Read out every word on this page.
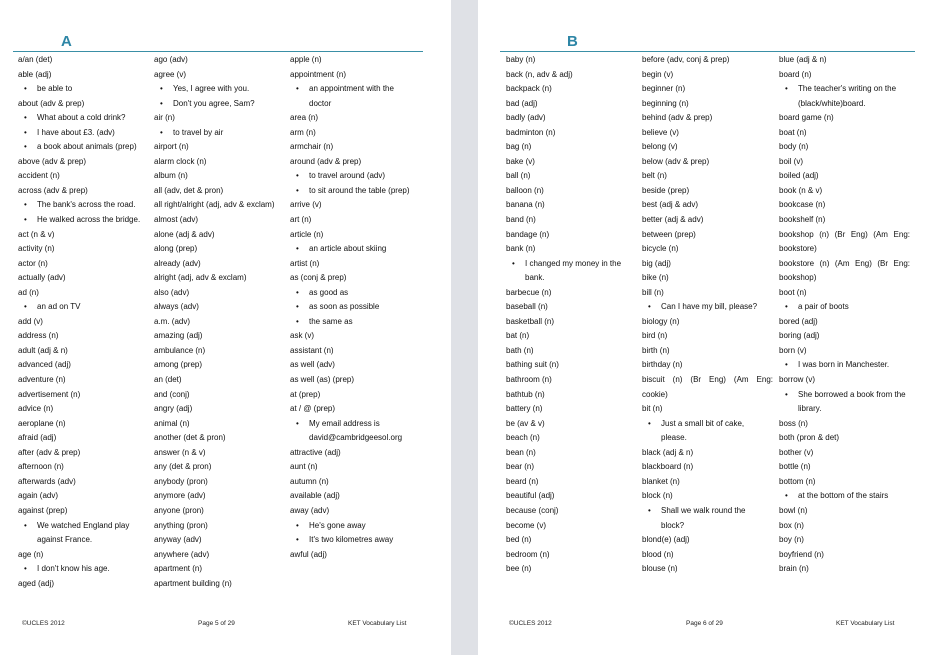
A
a/an (det)
able (adj)
• be able to
about (adv & prep)
• What about a cold drink?
• I have about £3. (adv)
• a book about animals (prep)
above (adv & prep)
accident (n)
across (adv & prep)
• The bank's across the road.
• He walked across the bridge.
act (n & v)
activity (n)
actor (n)
actually (adv)
ad (n)
• an ad on TV
add (v)
address (n)
adult (adj & n)
advanced (adj)
adventure (n)
advertisement (n)
advice (n)
aeroplane (n)
afraid (adj)
after (adv & prep)
afternoon (n)
afterwards (adv)
again (adv)
against (prep)
• We watched England play
against France.
age (n)
• I don't know his age.
aged (adj)
ago (adv)
agree (v)
• Yes, I agree with you.
• Don't you agree, Sam?
air (n)
• to travel by air
airport (n)
alarm clock (n)
album (n)
all (adv, det & pron)
all right/alright (adj, adv & exclam)
almost (adv)
alone (adj & adv)
along (prep)
already (adv)
alright (adj, adv & exclam)
also (adv)
always (adv)
a.m. (adv)
amazing (adj)
ambulance (n)
among (prep)
an (det)
and (conj)
angry (adj)
animal (n)
another (det & pron)
answer (n & v)
any (det & pron)
anybody (pron)
anymore (adv)
anyone (pron)
anything (pron)
anyway (adv)
anywhere (adv)
apartment (n)
apartment building (n)
apple (n)
appointment (n)
• an appointment with the
doctor
area (n)
arm (n)
armchair (n)
around (adv & prep)
• to travel around (adv)
• to sit around the table (prep)
arrive (v)
art (n)
article (n)
• an article about skiing
artist (n)
as (conj & prep)
• as good as
• as soon as possible
• the same as
ask (v)
assistant (n)
as well (adv)
as well (as) (prep)
at (prep)
at / @ (prep)
• My email address is
david@cambridgeesol.org
attractive (adj)
aunt (n)
autumn (n)
available (adj)
away (adv)
• He's gone away
• It's two kilometres away
awful (adj)
©UCLES 2012	Page 5 of 29	KET Vocabulary List
B
baby (n)
back (n, adv & adj)
backpack (n)
bad (adj)
badly (adv)
badminton (n)
bag (n)
bake (v)
ball (n)
balloon (n)
banana (n)
band (n)
bandage (n)
bank (n)
• I changed my money in the
bank.
barbecue (n)
baseball (n)
basketball (n)
bat (n)
bath (n)
bathing suit (n)
bathroom (n)
bathtub (n)
battery (n)
be (av & v)
beach (n)
bean (n)
bear (n)
beard (n)
beautiful (adj)
because (conj)
become (v)
bed (n)
bedroom (n)
bee (n)
before (adv, conj & prep)
begin (v)
beginner (n)
beginning (n)
behind (adv & prep)
believe (v)
belong (v)
below (adv & prep)
belt (n)
beside (prep)
best (adj & adv)
better (adj & adv)
between (prep)
bicycle (n)
big (adj)
bike (n)
bill (n)
• Can I have my bill, please?
biology (n)
bird (n)
birth (n)
birthday (n)
biscuit (n) (Br Eng) (Am Eng:
cookie)
bit (n)
• Just a small bit of cake,
please.
black (adj & n)
blackboard (n)
blanket (n)
block (n)
• Shall we walk round the
block?
blond(e) (adj)
blood (n)
blouse (n)
blue (adj & n)
board (n)
• The teacher's writing on the
(black/white)board.
board game (n)
boat (n)
body (n)
boil (v)
boiled (adj)
book (n & v)
bookcase (n)
bookshelf (n)
bookshop (n) (Br Eng) (Am Eng:
bookstore)
bookstore (n) (Am Eng) (Br Eng:
bookshop)
boot (n)
• a pair of boots
bored (adj)
boring (adj)
born (v)
• I was born in Manchester.
borrow (v)
• She borrowed a book from the
library.
boss (n)
both (pron & det)
bother (v)
bottle (n)
bottom (n)
• at the bottom of the stairs
bowl (n)
box (n)
boy (n)
boyfriend (n)
brain (n)
©UCLES 2012	Page 6 of 29	KET Vocabulary List
